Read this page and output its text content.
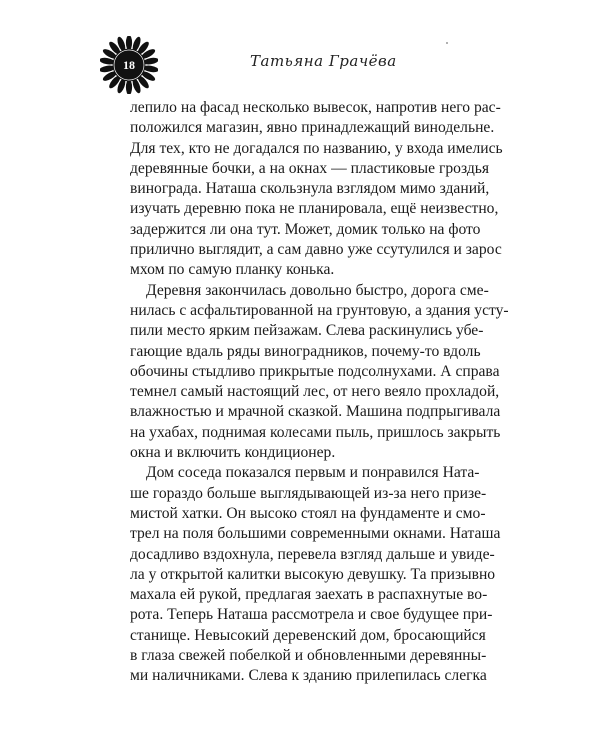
18	Татьяна Грачёва
лепило на фасад несколько вывесок, напротив него рас-
положился магазин, явно принадлежащий винодельне.
Для тех, кто не догадался по названию, у входа имелись
деревянные бочки, а на окнах — пластиковые гроздья
винограда. Наташа скользнула взглядом мимо зданий,
изучать деревню пока не планировала, ещё неизвестно,
задержится ли она тут. Может, домик только на фото
прилично выглядит, а сам давно уже ссутулился и зарос
мхом по самую планку конька.
Деревня закончилась довольно быстро, дорога сме-
нилась с асфальтированной на грунтовую, а здания усту-
пили место ярким пейзажам. Слева раскинулись убе-
гающие вдаль ряды виноградников, почему-то вдоль
обочины стыдливо прикрытые подсолнухами. А справа
темнел самый настоящий лес, от него веяло прохладой,
влажностью и мрачной сказкой. Машина подпрыгивала
на ухабах, поднимая колесами пыль, пришлось закрыть
окна и включить кондиционер.
Дом соседа показался первым и понравился Ната-
ше гораздо больше выглядывающей из-за него призе-
мистой хатки. Он высоко стоял на фундаменте и смо-
трел на поля большими современными окнами. Наташа
досадливо вздохнула, перевела взгляд дальше и увиде-
ла у открытой калитки высокую девушку. Та призывно
махала ей рукой, предлагая заехать в распахнутые во-
рота. Теперь Наташа рассмотрела и свое будущее при-
станище. Невысокий деревенский дом, бросающийся
в глаза свежей побелкой и обновленными деревянны-
ми наличниками. Слева к зданию прилепилась слегка
